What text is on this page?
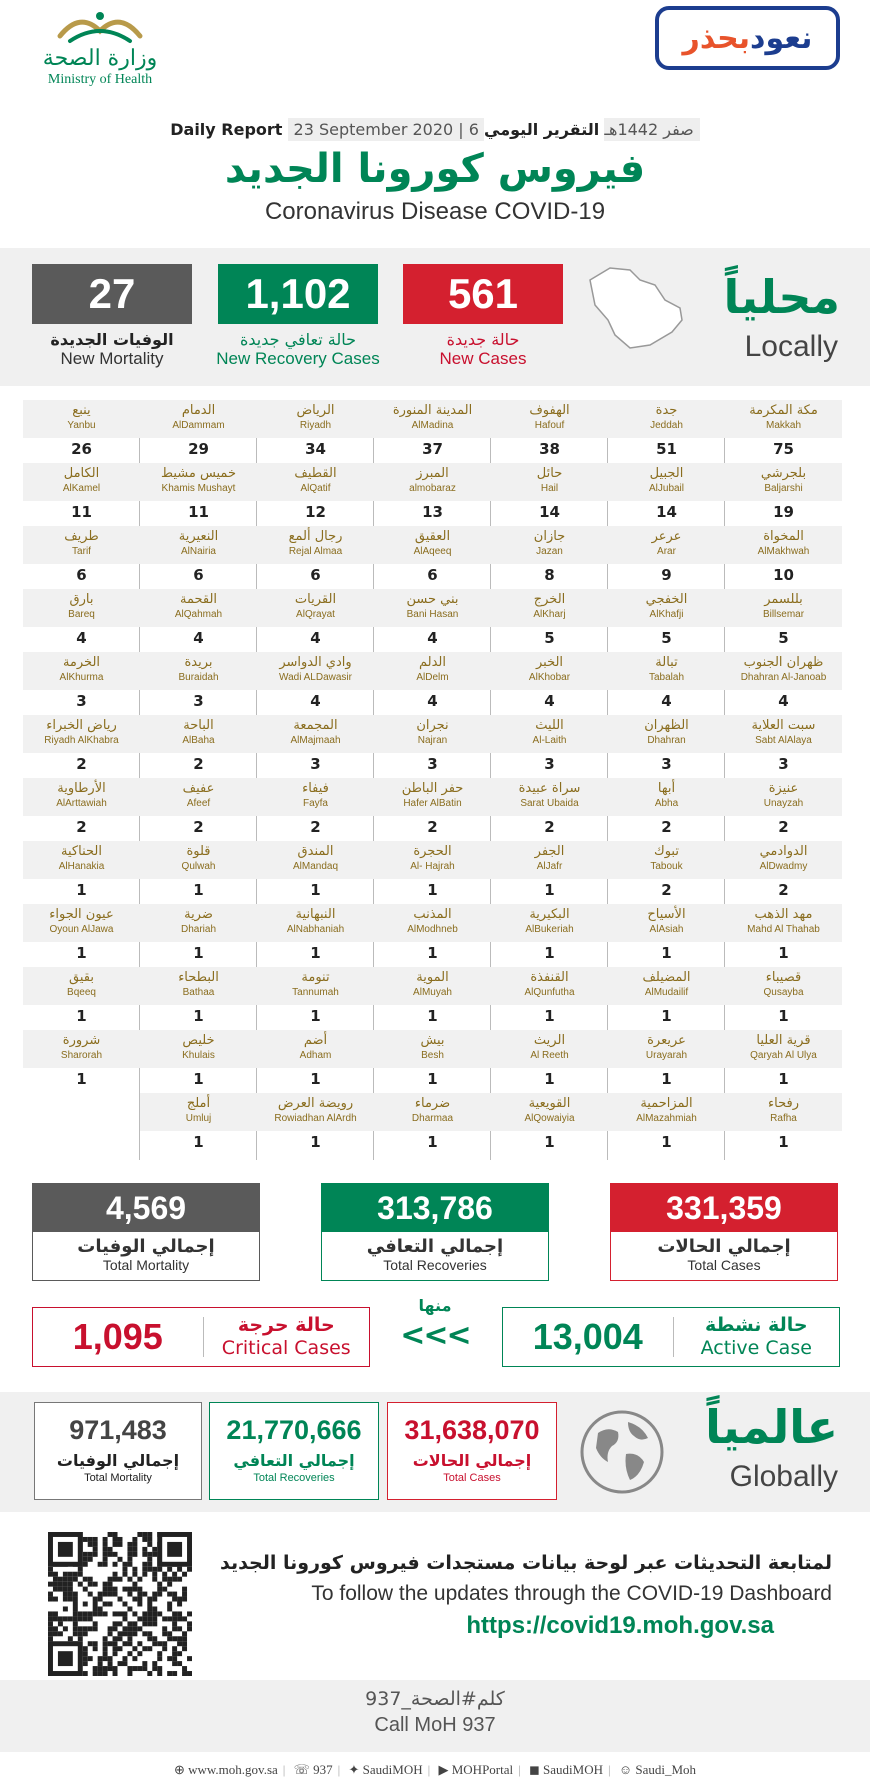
وزارة الصحة
Ministry of Health
بحذر نعود
Daily Report 23 September 2020 | 6 صفر 1442هـ التقرير اليومي
فيروس كورونا الجديد
Coronavirus Disease COVID-19
561
حالة جديدة
New Cases
1,102
حالة تعافي جديدة
New Recovery Cases
27
الوفيات الجديدة
New Mortality
محلياً
Locally
مكة المكرمة
Makkah
75
بلجرشي
Baljarshi
19
المخواة
AlMakhwah
10
بللسمر
Billsemar
5
ظهران الجنوب
Dhahran Al-Janoab
4
سبت العلاية
Sabt AlAlaya
3
عنيزة
Unayzah
2
الدوادمي
AlDwadmy
2
مهد الذهب
Mahd Al Thahab
1
قصيباء
Qusayba
1
قرية العليا
Qaryah Al Ulya
1
رفحاء
Rafha
1
جدة
Jeddah
51
الجبيل
AlJubail
14
عرعر
Arar
9
الخفجي
AlKhafji
5
تبالة
Tabalah
4
الظهران
Dhahran
3
أبها
Abha
2
تبوك
Tabouk
2
الأسياح
AlAsiah
1
المضيلف
AlMudailif
1
عريعرة
Urayarah
1
المزاحمية
AlMazahmiah
1
الهفوف
Hafouf
38
حائل
Hail
14
جازان
Jazan
8
الخرج
AlKharj
5
الخبر
AlKhobar
4
الليث
Al-Laith
3
سراة عبيدة
Sarat Ubaida
2
الجفر
AlJafr
1
البكيرية
AlBukeriah
1
القنفذة
AlQunfutha
1
الريث
Al Reeth
1
القويعية
AlQowaiyia
1
المدينة المنورة
AlMadina
37
المبرز
almobaraz
13
العقيق
AlAqeeq
6
بني حسن
Bani Hasan
4
الدلم
AlDelm
4
نجران
Najran
3
حفر الباطن
Hafer AlBatin
2
الحجرة
Al- Hajrah
1
المذنب
AlModhneb
1
الموية
AlMuyah
1
بيش
Besh
1
ضرماء
Dharmaa
1
الرياض
Riyadh
34
القطيف
AlQatif
12
رجال ألمع
Rejal Almaa
6
القريات
AlQrayat
4
وادي الدواسر
Wadi ALDawasir
4
المجمعة
AlMajmaah
3
فيفاء
Fayfa
2
المندق
AlMandaq
1
النبهانية
AlNabhaniah
1
تنومة
Tannumah
1
أضم
Adham
1
رويضة العرض
Rowiadhan AlArdh
1
الدمام
AlDammam
29
خميس مشيط
Khamis Mushayt
11
النعيرية
AlNairia
6
القحمة
AlQahmah
4
بريدة
Buraidah
3
الباحة
AlBaha
2
عفيف
Afeef
2
قلوة
Qulwah
1
ضرية
Dhariah
1
البطحاء
Bathaa
1
خليص
Khulais
1
أملج
Umluj
1
ينبع
Yanbu
26
الكامل
AlKamel
11
طريف
Tarif
6
بارق
Bareq
4
الخرمة
AlKhurma
3
رياض الخبراء
Riyadh AlKhabra
2
الأرطاوية
AlArttawiah
2
الحناكية
AlHanakia
1
عيون الجواء
Oyoun AlJawa
1
بقيق
Bqeeq
1
شرورة
Sharorah
1
331,359
إجمالي الحالات
Total Cases
313,786
إجمالي التعافي
Total Recoveries
4,569
إجمالي الوفيات
Total Mortality
13,004	حالة نشطة
Active Case
منها
<<<
1,095	حالة حرجة
Critical Cases
31,638,070
إجمالي الحالات
Total Cases
21,770,666
إجمالي التعافي
Total Recoveries
971,483
إجمالي الوفيات
Total Mortality
عالمياً
Globally
لمتابعة التحديثات عبر لوحة بيانات مستجدات فيروس كورونا الجديد
To follow the updates through the COVID-19 Dashboard
https://covid19.moh.gov.sa
كلم#الصحة_937
Call MoH 937
⊕ www.moh.gov.sa | ☏ 937 | ✦ SaudiMOH | ▶ MOHPortal | ◼ SaudiMOH | ☺ Saudi_Moh
